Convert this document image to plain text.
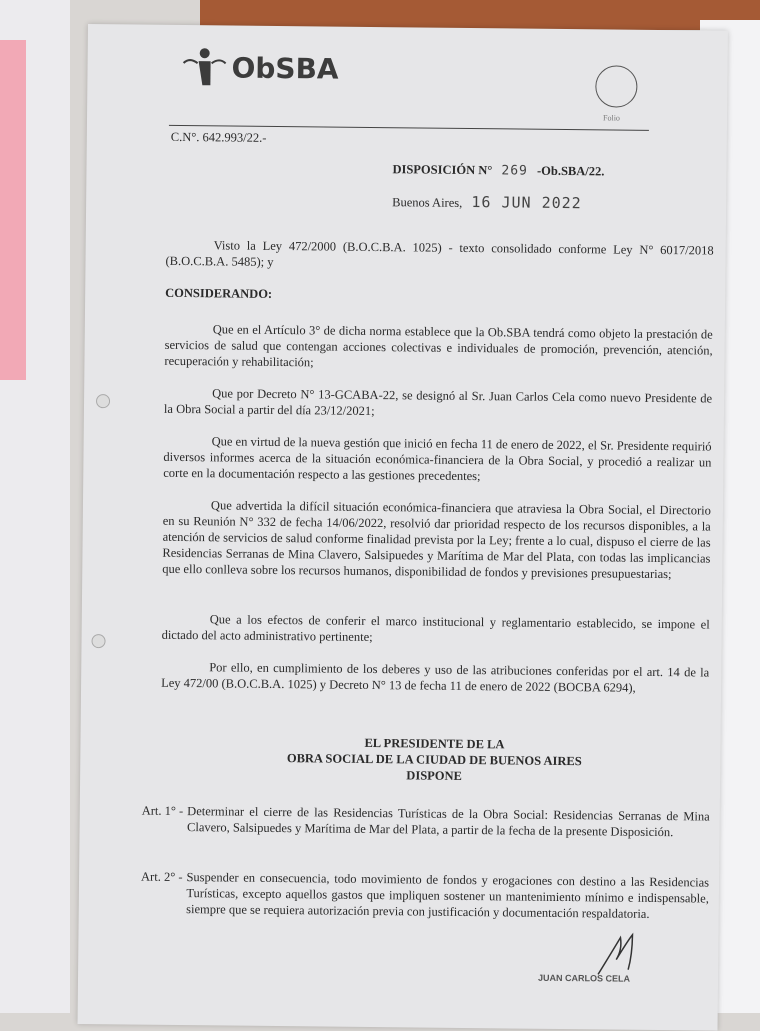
ObSBA
Folio
C.N°. 642.993/22.-
DISPOSICIÓN N° 269 -Ob.SBA/22.
Buenos Aires, 16 JUN 2022
Visto la Ley 472/2000 (B.O.C.B.A. 1025) - texto consolidado conforme Ley N° 6017/2018 (B.O.C.B.A. 5485); y
CONSIDERANDO:
Que en el Artículo 3° de dicha norma establece que la Ob.SBA tendrá como objeto la prestación de servicios de salud que contengan acciones colectivas e individuales de promoción, prevención, atención, recuperación y rehabilitación;
Que por Decreto N° 13-GCABA-22, se designó al Sr. Juan Carlos Cela como nuevo Presidente de la Obra Social a partir del día 23/12/2021;
Que en virtud de la nueva gestión que inició en fecha 11 de enero de 2022, el Sr. Presidente requirió diversos informes acerca de la situación económica-financiera de la Obra Social, y procedió a realizar un corte en la documentación respecto a las gestiones precedentes;
Que advertida la difícil situación económica-financiera que atraviesa la Obra Social, el Directorio en su Reunión N° 332 de fecha 14/06/2022, resolvió dar prioridad respecto de los recursos disponibles, a la atención de servicios de salud conforme finalidad prevista por la Ley; frente a lo cual, dispuso el cierre de las Residencias Serranas de Mina Clavero, Salsipuedes y Marítima de Mar del Plata, con todas las implicancias que ello conlleva sobre los recursos humanos, disponibilidad de fondos y previsiones presupuestarias;
Que a los efectos de conferir el marco institucional y reglamentario establecido, se impone el dictado del acto administrativo pertinente;
Por ello, en cumplimiento de los deberes y uso de las atribuciones conferidas por el art. 14 de la Ley 472/00 (B.O.C.B.A. 1025) y Decreto N° 13 de fecha 11 de enero de 2022 (BOCBA 6294),
EL PRESIDENTE DE LA
OBRA SOCIAL DE LA CIUDAD DE BUENOS AIRES
DISPONE
Art. 1° - Determinar el cierre de las Residencias Turísticas de la Obra Social: Residencias Serranas de Mina Clavero, Salsipuedes y Marítima de Mar del Plata, a partir de la fecha de la presente Disposición.
Art. 2° - Suspender en consecuencia, todo movimiento de fondos y erogaciones con destino a las Residencias Turísticas, excepto aquellos gastos que impliquen sostener un mantenimiento mínimo e indispensable, siempre que se requiera autorización previa con justificación y documentación respaldatoria.
JUAN CARLOS CELA
